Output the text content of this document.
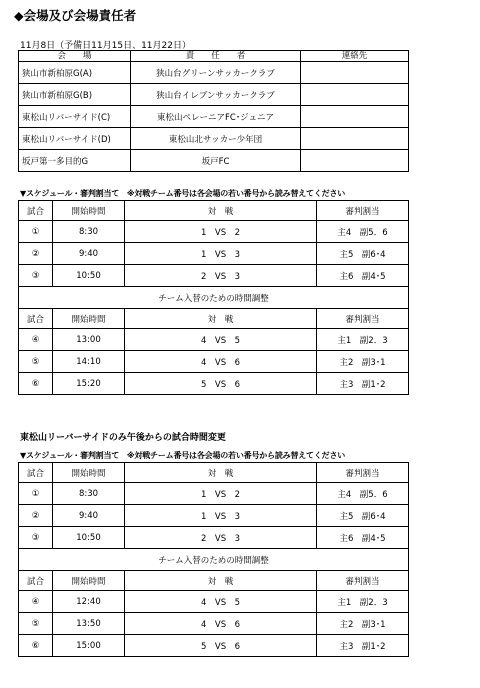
◆会場及び会場責任者
11月8日（予備日11月15日、11月22日）
会　　場	責　　任　　者	連絡先
狭山市新柏原G(A)	狭山台グリーンサッカークラブ	
狭山市新柏原G(B)	狭山台イレブンサッカークラブ	
東松山リバーサイド(C)	東松山ペレーニアFC･ジュニア	
東松山リバーサイド(D)	東松山北サッカー少年団	
坂戸第一多目的G	坂戸FC	
▼スケジュール・審判割当て　※対戦チーム番号は各会場の若い番号から読み替えてください
試合	開始時間	対　戦	審判割当
①	8:30	1　VS　2	主4　副5．6
②	9:40	1　VS　3	主5　副6･4
③	10:50	2　VS　3	主6　副4･5
チーム入替のための時間調整			
試合	開始時間	対　戦	審判割当
④	13:00	4　VS　5	主1　副2．3
⑤	14:10	4　VS　6	主2　副3･1
⑥	15:20	5　VS　6	主3　副1･2
東松山リーバーサイドのみ午後からの試合時間変更
▼スケジュール・審判割当て　※対戦チーム番号は各会場の若い番号から読み替えてください
試合	開始時間	対　戦	審判割当
①	8:30	1　VS　2	主4　副5．6
②	9:40	1　VS　3	主5　副6･4
③	10:50	2　VS　3	主6　副4･5
チーム入替のための時間調整			
試合	開始時間	対　戦	審判割当
④	12:40	4　VS　5	主1　副2．3
⑤	13:50	4　VS　6	主2　副3･1
⑥	15:00	5　VS　6	主3　副1･2
